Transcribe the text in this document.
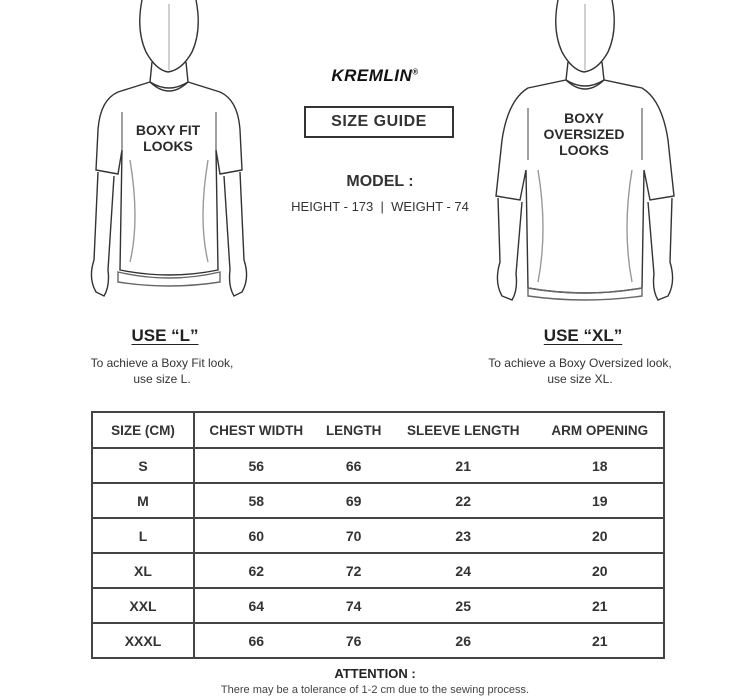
BOXY FIT LOOKS
BOXY OVERSIZED LOOKS
KREMLIN®
SIZE GUIDE
MODEL :
HEIGHT - 173  |  WEIGHT - 74
USE “L”
To achieve a Boxy Fit look,
use size L.
USE “XL”
To achieve a Boxy Oversized look,
use size XL.
SIZE (CM)	CHEST WIDTH	LENGTH	SLEEVE LENGTH	ARM OPENING
S	56	66	21	18
M	58	69	22	19
L	60	70	23	20
XL	62	72	24	20
XXL	64	74	25	21
XXXL	66	76	26	21
ATTENTION :
There may be a tolerance of 1-2 cm due to the sewing process.
